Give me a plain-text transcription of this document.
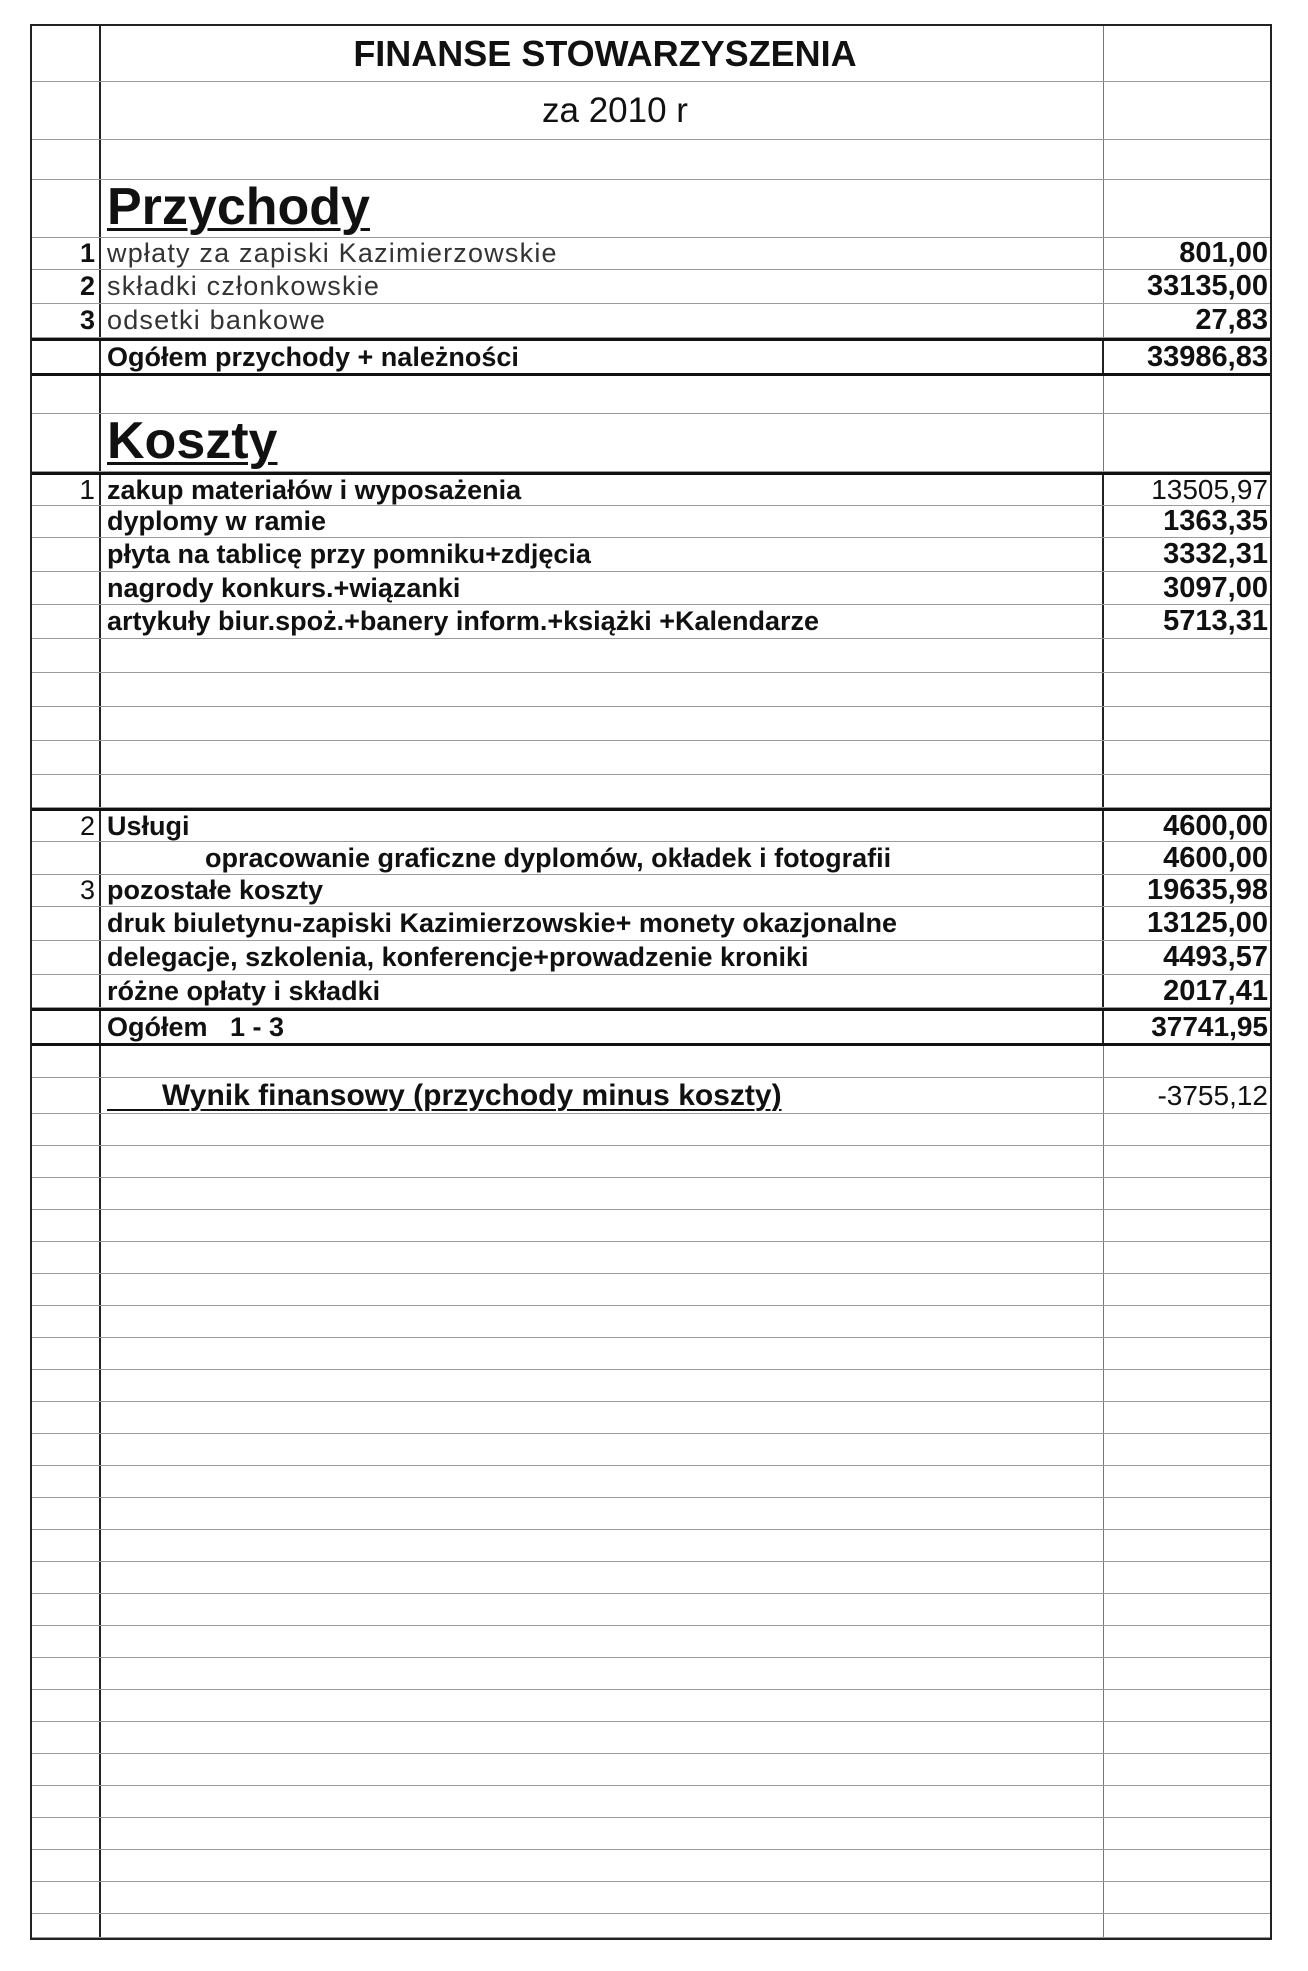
FINANSE STOWARZYSZENIA
za 2010 r
Przychody
1 wpłaty za zapiski Kazimierzowskie	801,00
2 składki członkowskie	33135,00
3 odsetki bankowe	27,83
Ogółem przychody + należności	33986,83
Koszty
1 zakup materiałów i wyposażenia	13505,97
dyplomy w ramie	1363,35
płyta na tablicę przy pomniku+zdjęcia	3332,31
nagrody konkurs.+wiązanki	3097,00
artykuły biur.spoż.+banery inform.+książki +Kalendarze	5713,31
2 Usługi	4600,00
opracowanie graficzne dyplomów, okładek i fotografii	4600,00
3 pozostałe koszty	19635,98
druk biuletynu-zapiski Kazimierzowskie+ monety okazjonalne	13125,00
delegacje, szkolenia, konferencje+prowadzenie kroniki	4493,57
różne opłaty i składki	2017,41
Ogółem   1 - 3	37741,95
Wynik finansowy (przychody minus koszty)	-3755,12
